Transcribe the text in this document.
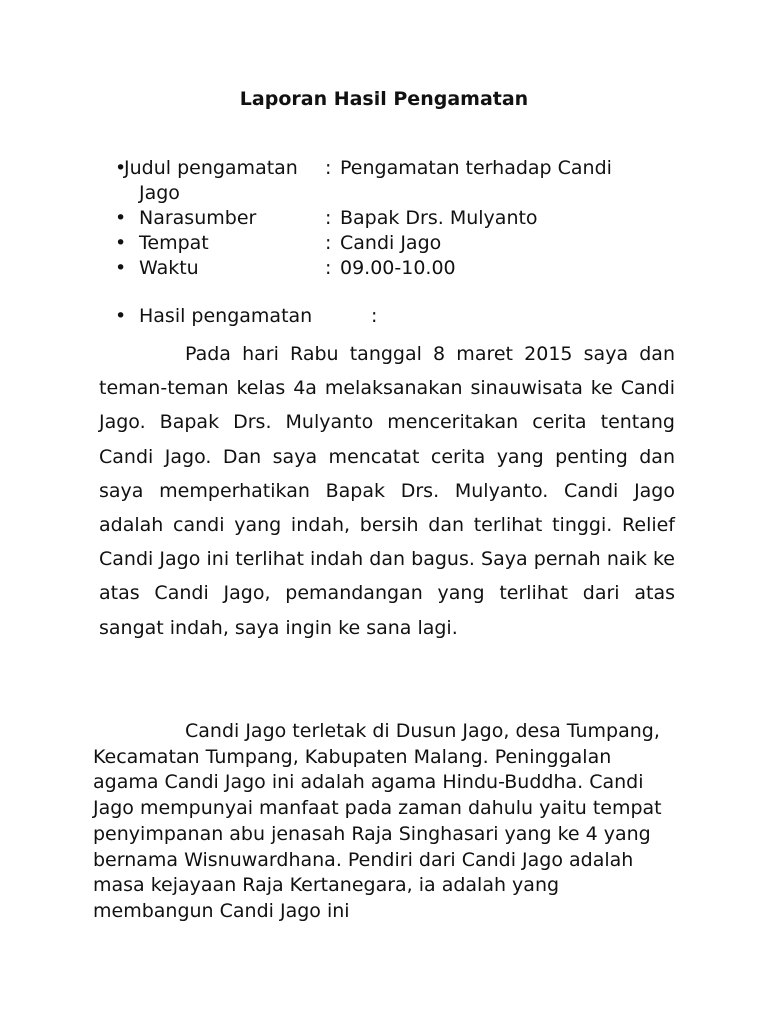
Laporan Hasil Pengamatan
•
Judul pengamatan : Pengamatan terhadap Candi
Jago
• Narasumber	: Bapak Drs. Mulyanto
• Tempat	: Candi Jago
• Waktu	: 09.00-10.00
• Hasil pengamatan	:

Pada hari Rabu tanggal 8 maret 2015 saya dan teman-teman kelas 4a melaksanakan sinauwisata ke Candi Jago. Bapak Drs. Mulyanto menceritakan cerita tentang Candi Jago. Dan saya mencatat cerita yang penting dan saya memperhatikan Bapak Drs. Mulyanto. Candi Jago adalah candi yang indah, bersih dan terlihat tinggi. Relief Candi Jago ini terlihat indah dan bagus. Saya pernah naik ke atas Candi Jago, pemandangan yang terlihat dari atas sangat indah, saya ingin ke sana lagi.

Candi Jago terletak di Dusun Jago, desa Tumpang, Kecamatan Tumpang, Kabupaten Malang. Peninggalan agama Candi Jago ini adalah agama Hindu-Buddha. Candi Jago mempunyai manfaat pada zaman dahulu yaitu tempat penyimpanan abu jenasah Raja Singhasari yang ke 4 yang bernama Wisnuwardhana. Pendiri dari Candi Jago adalah masa kejayaan Raja Kertanegara, ia adalah yang membangun Candi Jago ini
